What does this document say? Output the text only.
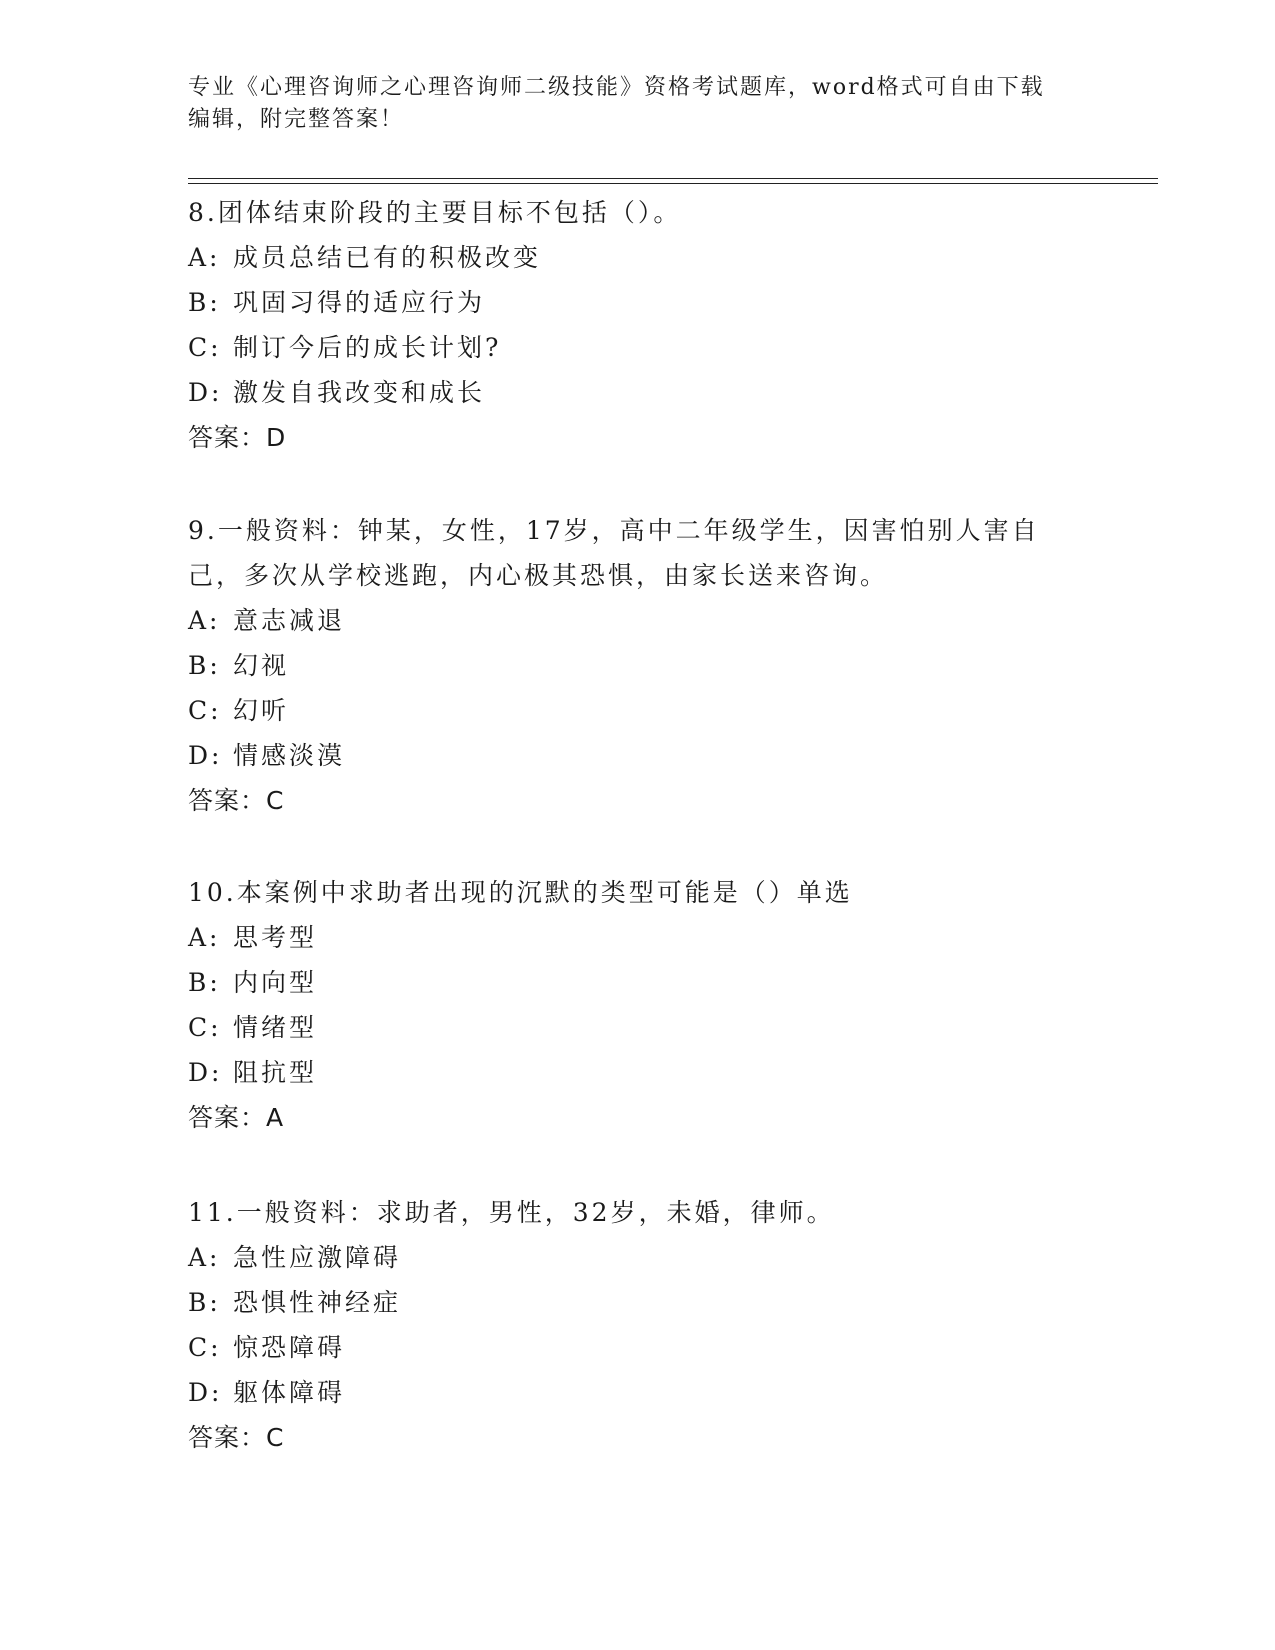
专业《心理咨询师之心理咨询师二级技能》资格考试题库，word格式可自由下载编辑，附完整答案！

8.团体结束阶段的主要目标不包括（）。

A: 成员总结已有的积极改变

B: 巩固习得的适应行为

C: 制订今后的成长计划?

D: 激发自我改变和成长

答案：D

9.一般资料：钟某，女性，17岁，高中二年级学生，因害怕别人害自己，多次从学校逃跑，内心极其恐惧，由家长送来咨询。

A: 意志减退

B: 幻视

C: 幻听

D: 情感淡漠

答案：C

10.本案例中求助者出现的沉默的类型可能是（）单选

A: 思考型

B: 内向型

C: 情绪型

D: 阻抗型

答案：A

11.一般资料：求助者，男性，32岁，未婚，律师。

A: 急性应激障碍

B: 恐惧性神经症

C: 惊恐障碍

D: 躯体障碍

答案：C
